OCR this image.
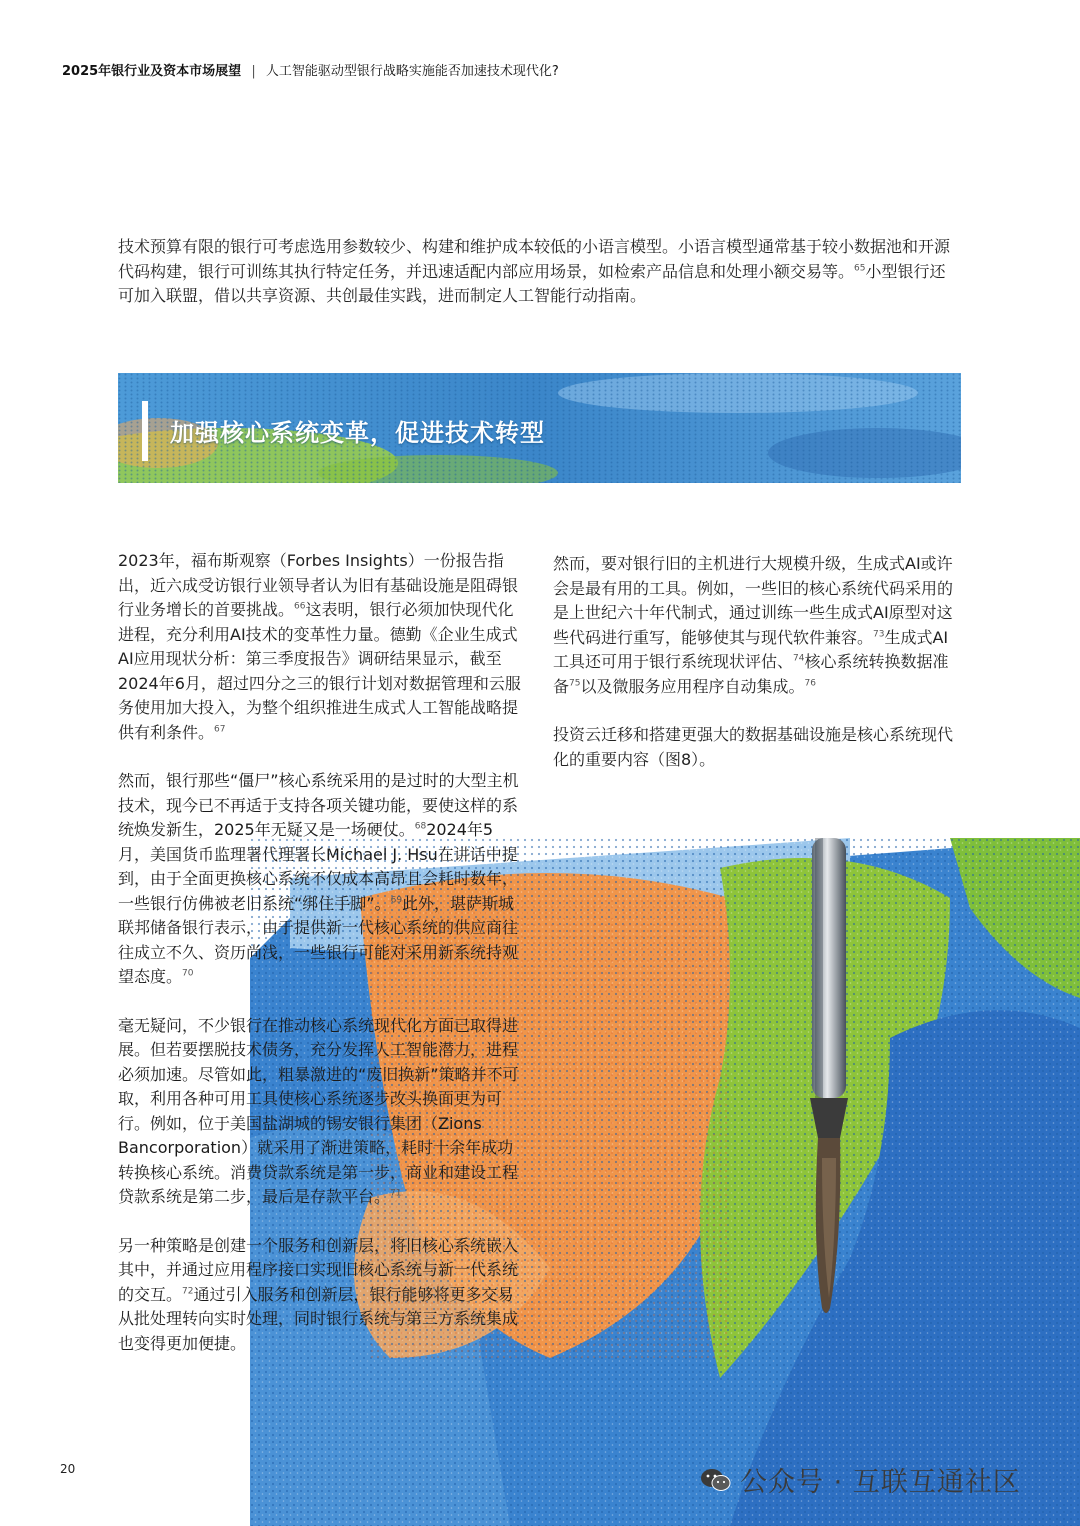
2025年银行业及资本市场展望 | 人工智能驱动型银行战略实施能否加速技术现代化?
技术预算有限的银行可考虑选用参数较少、构建和维护成本较低的小语言模型。小语言模型通常基于较小数据池和开源代码构建，银行可训练其执行特定任务，并迅速适配内部应用场景，如检索产品信息和处理小额交易等。$^{65}$小型银行还可加入联盟，借以共享资源、共创最佳实践，进而制定人工智能行动指南。
加强核心系统变革，促进技术转型

2023年，福布斯观察（Forbes Insights）一份报告指出，近六成受访银行业领导者认为旧有基础设施是阻碍银行业务增长的首要挑战。$^{66}$这表明，银行必须加快现代化进程，充分利用AI技术的变革性力量。德勤《企业生成式AI应用现状分析：第三季度报告》调研结果显示，截至2024年6月，超过四分之三的银行计划对数据管理和云服务使用加大投入，为整个组织推进生成式人工智能战略提供有利条件。$^{67}$

然而，银行那些“僵尸”核心系统采用的是过时的大型主机技术，现今已不再适于支持各项关键功能，要使这样的系统焕发新生，2025年无疑又是一场硬仗。$^{68}$2024年5月，美国货币监理署代理署长Michael J. Hsu在讲话中提到，由于全面更换核心系统不仅成本高昂且会耗时数年，一些银行仿佛被老旧系统“绑住手脚”。$^{69}$此外，堪萨斯城联邦储备银行表示，由于提供新一代核心系统的供应商往往成立不久、资历尚浅，一些银行可能对采用新系统持观望态度。$^{70}$

毫无疑问，不少银行在推动核心系统现代化方面已取得进展。但若要摆脱技术债务，充分发挥人工智能潜力，进程必须加速。尽管如此，粗暴激进的“废旧换新”策略并不可取，利用各种可用工具使核心系统逐步改头换面更为可行。例如，位于美国盐湖城的锡安银行集团（Zions Bancorporation）就采用了渐进策略，耗时十余年成功转换核心系统。消费贷款系统是第一步，商业和建设工程贷款系统是第二步，最后是存款平台。$^{71}$

另一种策略是创建一个服务和创新层，将旧核心系统嵌入其中，并通过应用程序接口实现旧核心系统与新一代系统的交互。$^{72}$通过引入服务和创新层，银行能够将更多交易从批处理转向实时处理，同时银行系统与第三方系统集成也变得更加便捷。

然而，要对银行旧的主机进行大规模升级，生成式AI或许会是最有用的工具。例如，一些旧的核心系统代码采用的是上世纪六十年代制式，通过训练一些生成式AI原型对这些代码进行重写，能够使其与现代软件兼容。$^{73}$生成式AI工具还可用于银行系统现状评估、$^{74}$核心系统转换数据准备$^{75}$以及微服务应用程序自动集成。$^{76}$

投资云迁移和搭建更强大的数据基础设施是核心系统现代化的重要内容（图8）。

20	公众号 · 互联互通社区
